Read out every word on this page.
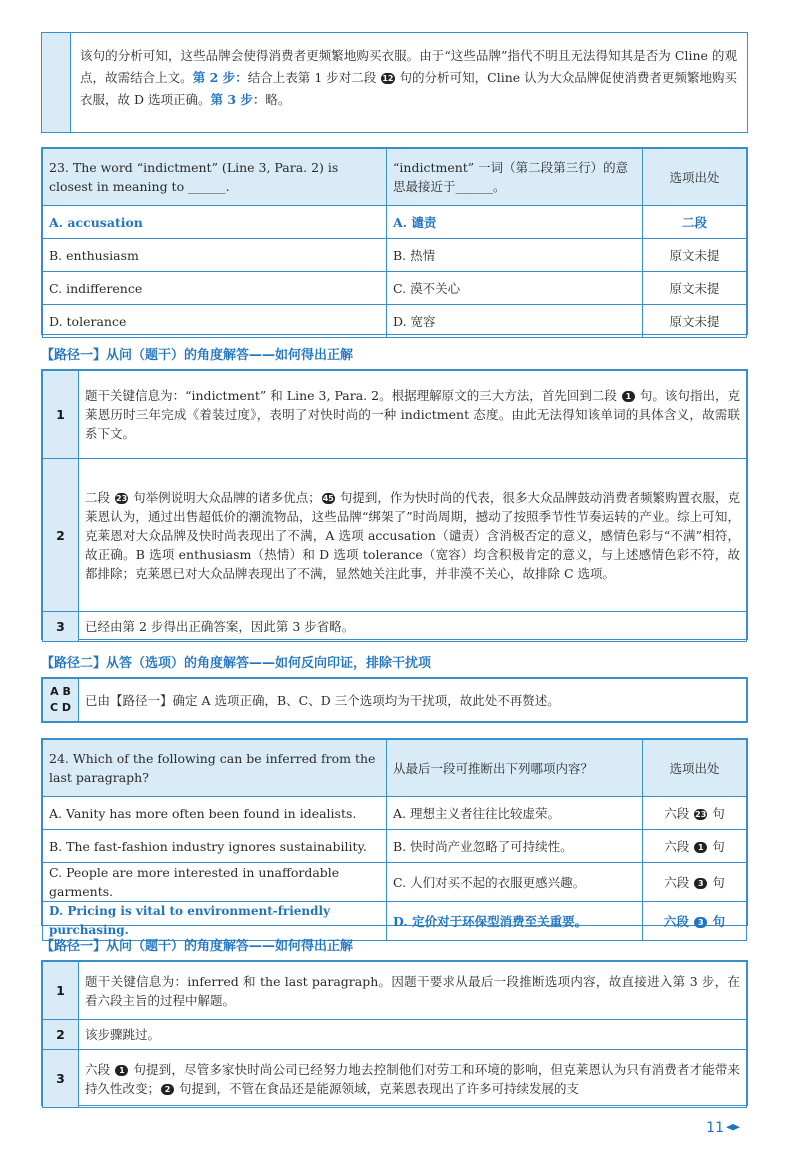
该句的分析可知，这些品牌会使得消费者更频繁地购买衣服。由于“这些品牌”指代不明且无法得知其是否为 Cline 的观点，故需结合上文。第 2 步：结合上表第 1 步对二段 12 句的分析可知，Cline 认为大众品牌促使消费者更频繁地购买衣服，故 D 选项正确。第 3 步：略。
23. The word “indictment” (Line 3, Para. 2) is closest in meaning to ______.	“indictment” 一词（第二段第三行）的意思最接近于______。	选项出处
A. accusation	A. 谴责	二段
B. enthusiasm	B. 热情	原文未提
C. indifference	C. 漠不关心	原文未提
D. tolerance	D. 宽容	原文未提
【路径一】从问（题干）的角度解答——如何得出正解
1	题干关键信息为：“indictment” 和 Line 3, Para. 2。根据理解原文的三大方法，首先回到二段 1 句。该句指出，克莱恩历时三年完成《着装过度》，表明了对快时尚的一种 indictment 态度。由此无法得知该单词的具体含义，故需联系下文。
2	二段 23 句举例说明大众品牌的诸多优点； 45 句提到，作为快时尚的代表，很多大众品牌鼓动消费者频繁购置衣服，克莱恩认为，通过出售超低价的潮流物品，这些品牌“绑架了”时尚周期，撼动了按照季节性节奏运转的产业。综上可知，克莱恩对大众品牌及快时尚表现出了不满，A 选项 accusation（谴责）含消极否定的意义，感情色彩与“不满”相符，故正确。B 选项 enthusiasm（热情）和 D 选项 tolerance（宽容）均含积极肯定的意义，与上述感情色彩不符，故都排除；克莱恩已对大众品牌表现出了不满，显然她关注此事，并非漠不关心，故排除 C 选项。
3	已经由第 2 步得出正确答案，因此第 3 步省略。
【路径二】从答（选项）的角度解答——如何反向印证，排除干扰项
A B
C D	已由【路径一】确定 A 选项正确，B、C、D 三个选项均为干扰项，故此处不再赘述。
24. Which of the following can be inferred from the last paragraph?	从最后一段可推断出下列哪项内容？	选项出处
A. Vanity has more often been found in idealists.	A. 理想主义者往往比较虚荣。	六段 23 句
B. The fast-fashion industry ignores sustainability.	B. 快时尚产业忽略了可持续性。	六段 1 句
C. People are more interested in unaffordable garments.	C. 人们对买不起的衣服更感兴趣。	六段 3 句
D. Pricing is vital to environment-friendly purchasing.	D. 定价对于环保型消费至关重要。	六段 3 句
【路径一】从问（题干）的角度解答——如何得出正解
1	题干关键信息为：inferred 和 the last paragraph。因题干要求从最后一段推断选项内容，故直接进入第 3 步，在看六段主旨的过程中解题。
2	该步骤跳过。
3	六段 1 句提到，尽管多家快时尚公司已经努力地去控制他们对劳工和环境的影响，但克莱恩认为只有消费者才能带来持久性改变； 2 句提到，不管在食品还是能源领域，克莱恩表现出了许多可持续发展的支
11
